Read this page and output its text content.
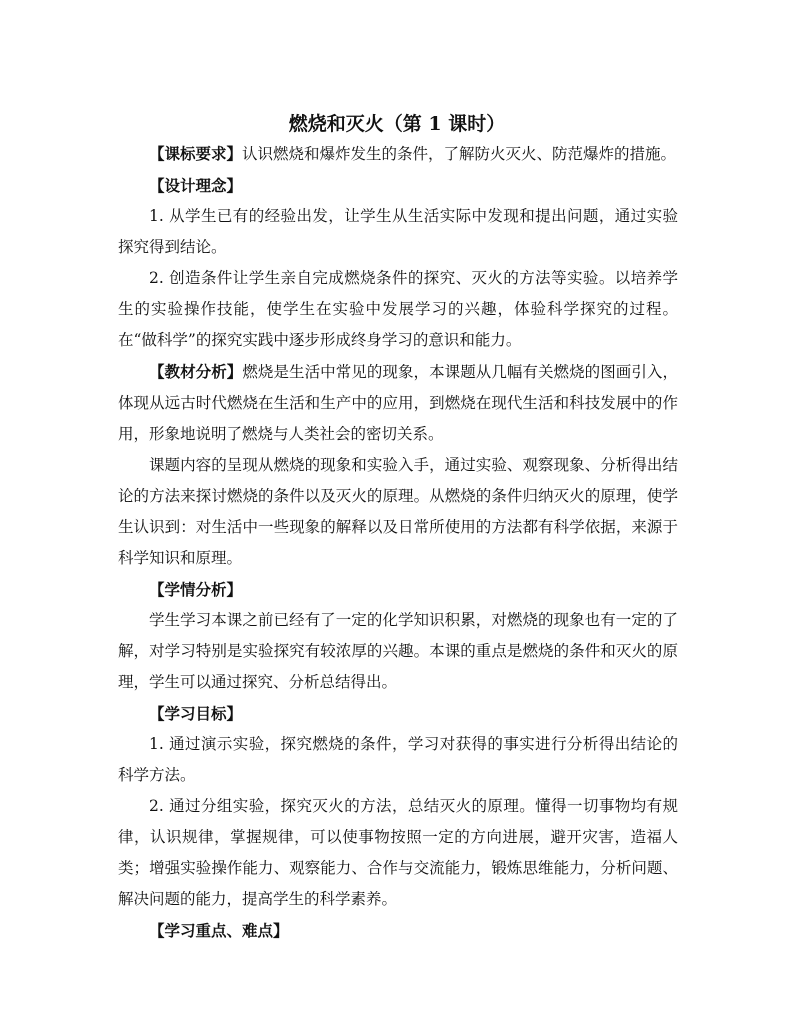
燃烧和灭火（第 1 课时）

【课标要求】认识燃烧和爆炸发生的条件，了解防火灭火、防范爆炸的措施。

【设计理念】

1. 从学生已有的经验出发，让学生从生活实际中发现和提出问题，通过实验探究得到结论。

2. 创造条件让学生亲自完成燃烧条件的探究、灭火的方法等实验。以培养学生的实验操作技能，使学生在实验中发展学习的兴趣，体验科学探究的过程。在“做科学”的探究实践中逐步形成终身学习的意识和能力。

【教材分析】燃烧是生活中常见的现象，本课题从几幅有关燃烧的图画引入，体现从远古时代燃烧在生活和生产中的应用，到燃烧在现代生活和科技发展中的作用，形象地说明了燃烧与人类社会的密切关系。

课题内容的呈现从燃烧的现象和实验入手，通过实验、观察现象、分析得出结论的方法来探讨燃烧的条件以及灭火的原理。从燃烧的条件归纳灭火的原理，使学生认识到：对生活中一些现象的解释以及日常所使用的方法都有科学依据，来源于科学知识和原理。

【学情分析】

学生学习本课之前已经有了一定的化学知识积累，对燃烧的现象也有一定的了解，对学习特别是实验探究有较浓厚的兴趣。本课的重点是燃烧的条件和灭火的原理，学生可以通过探究、分析总结得出。

【学习目标】

1. 通过演示实验，探究燃烧的条件，学习对获得的事实进行分析得出结论的科学方法。

2. 通过分组实验，探究灭火的方法，总结灭火的原理。懂得一切事物均有规律，认识规律，掌握规律，可以使事物按照一定的方向进展，避开灾害，造福人类；增强实验操作能力、观察能力、合作与交流能力，锻炼思维能力，分析问题、解决问题的能力，提高学生的科学素养。

【学习重点、难点】
